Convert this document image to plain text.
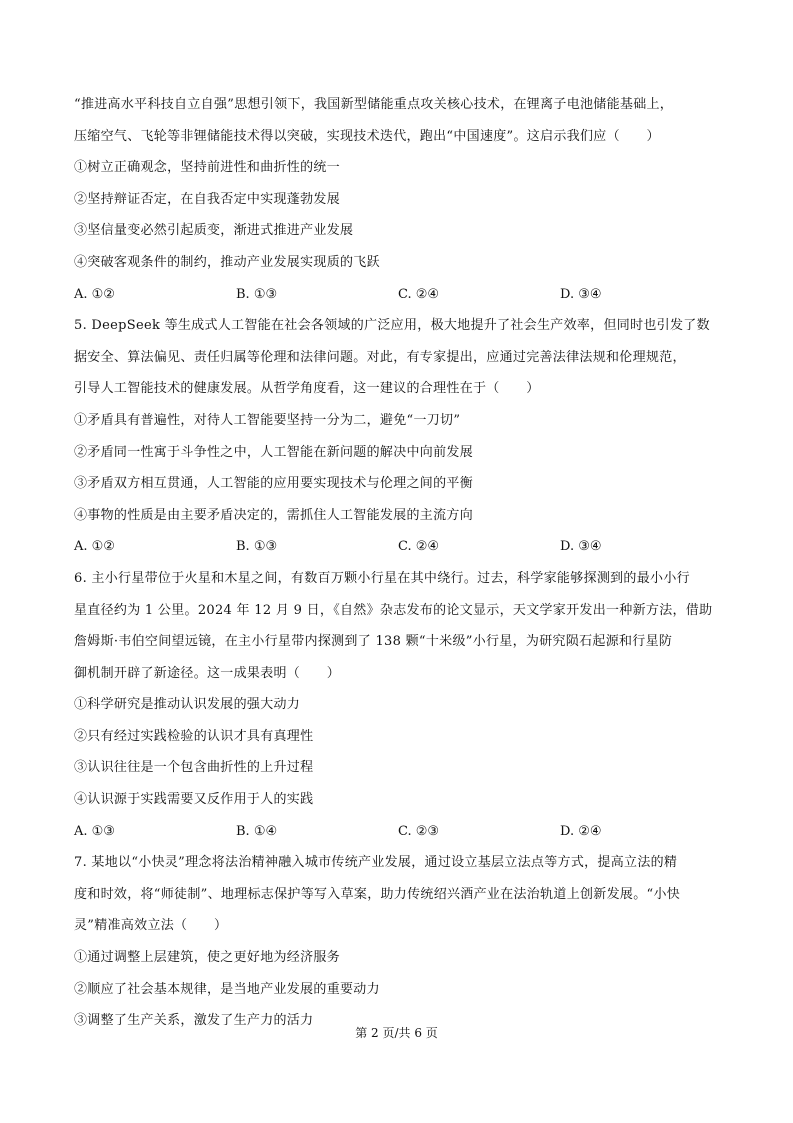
“推进高水平科技自立自强”思想引领下，我国新型储能重点攻关核心技术，在锂离子电池储能基础上，
压缩空气、飞轮等非锂储能技术得以突破，实现技术迭代，跑出“中国速度”。这启示我们应（　　）
①树立正确观念，坚持前进性和曲折性的统一
②坚持辩证否定，在自我否定中实现蓬勃发展
③坚信量变必然引起质变，渐进式推进产业发展
④突破客观条件的制约，推动产业发展实现质的飞跃
A. ①②	B. ①③	C. ②④	D. ③④
5. DeepSeek 等生成式人工智能在社会各领域的广泛应用，极大地提升了社会生产效率，但同时也引发了数
据安全、算法偏见、责任归属等伦理和法律问题。对此，有专家提出，应通过完善法律法规和伦理规范，
引导人工智能技术的健康发展。从哲学角度看，这一建议的合理性在于（　　）
①矛盾具有普遍性，对待人工智能要坚持一分为二，避免“一刀切”
②矛盾同一性寓于斗争性之中，人工智能在新问题的解决中向前发展
③矛盾双方相互贯通，人工智能的应用要实现技术与伦理之间的平衡
④事物的性质是由主要矛盾决定的，需抓住人工智能发展的主流方向
A. ①②	B. ①③	C. ②④	D. ③④
6. 主小行星带位于火星和木星之间，有数百万颗小行星在其中绕行。过去，科学家能够探测到的最小小行
星直径约为 1 公里。2024 年 12 月 9 日，《自然》杂志发布的论文显示，天文学家开发出一种新方法，借助
詹姆斯·韦伯空间望远镜，在主小行星带内探测到了 138 颗“十米级”小行星，为研究陨石起源和行星防
御机制开辟了新途径。这一成果表明（　　）
①科学研究是推动认识发展的强大动力
②只有经过实践检验的认识才具有真理性
③认识往往是一个包含曲折性的上升过程
④认识源于实践需要又反作用于人的实践
A. ①③	B. ①④	C. ②③	D. ②④
7. 某地以“小快灵”理念将法治精神融入城市传统产业发展，通过设立基层立法点等方式，提高立法的精
度和时效，将“师徒制”、地理标志保护等写入草案，助力传统绍兴酒产业在法治轨道上创新发展。“小快
灵”精准高效立法（　　）
①通过调整上层建筑，使之更好地为经济服务
②顺应了社会基本规律，是当地产业发展的重要动力
③调整了生产关系，激发了生产力的活力
第 2 页/共 6 页
